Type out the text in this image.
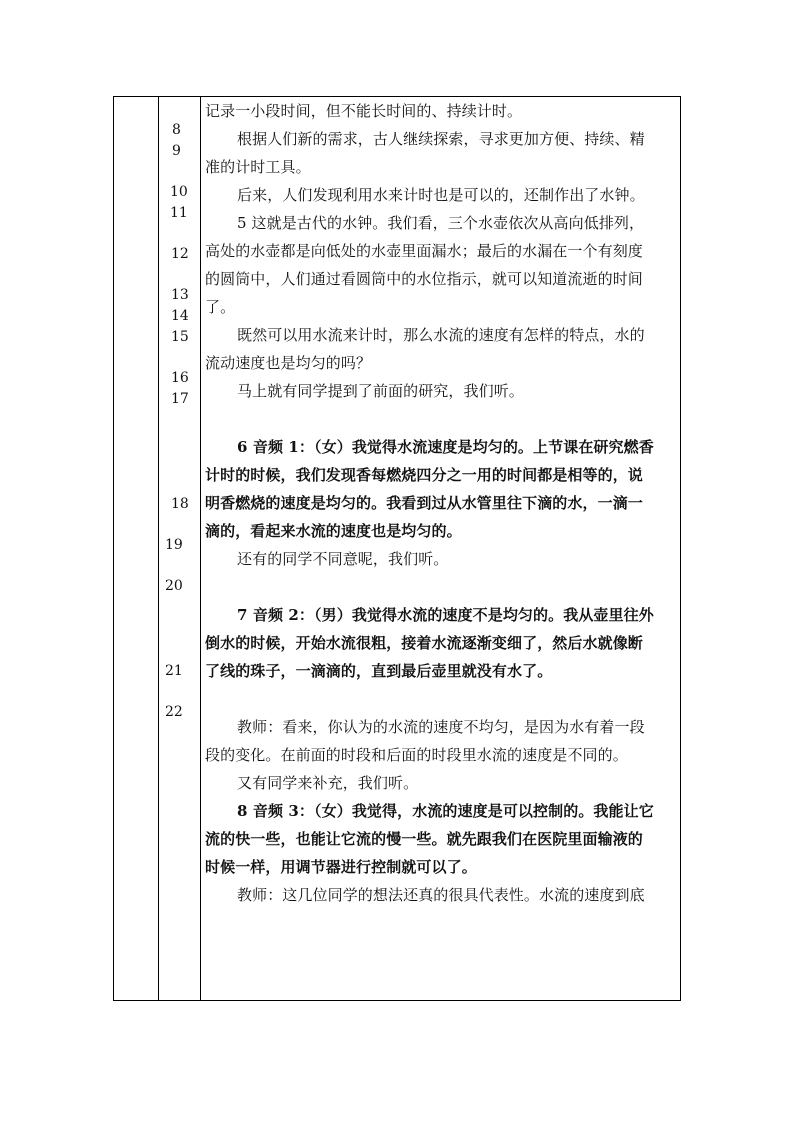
8
9
10
11
12
13
14
15
16
17
18
19
20
21
22

记录一小段时间，但不能长时间的、持续计时。

根据人们新的需求，古人继续探索，寻求更加方便、持续、精

准的计时工具。

后来，人们发现利用水来计时也是可以的，还制作出了水钟。

5 这就是古代的水钟。我们看，三个水壶依次从高向低排列，

高处的水壶都是向低处的水壶里面漏水；最后的水漏在一个有刻度

的圆筒中，人们通过看圆筒中的水位指示，就可以知道流逝的时间

了。

既然可以用水流来计时，那么水流的速度有怎样的特点，水的

流动速度也是均匀的吗？

马上就有同学提到了前面的研究，我们听。

6 音频 1：（女）我觉得水流速度是均匀的。上节课在研究燃香

计时的时候，我们发现香每燃烧四分之一用的时间都是相等的，说

明香燃烧的速度是均匀的。我看到过从水管里往下滴的水，一滴一

滴的，看起来水流的速度也是均匀的。

还有的同学不同意呢，我们听。

7 音频 2：（男）我觉得水流的速度不是均匀的。我从壶里往外

倒水的时候，开始水流很粗，接着水流逐渐变细了，然后水就像断

了线的珠子，一滴滴的，直到最后壶里就没有水了。

教师：看来，你认为的水流的速度不均匀，是因为水有着一段

段的变化。在前面的时段和后面的时段里水流的速度是不同的。

又有同学来补充，我们听。

8 音频 3：（女）我觉得，水流的速度是可以控制的。我能让它

流的快一些，也能让它流的慢一些。就先跟我们在医院里面输液的

时候一样，用调节器进行控制就可以了。

教师：这几位同学的想法还真的很具代表性。水流的速度到底
